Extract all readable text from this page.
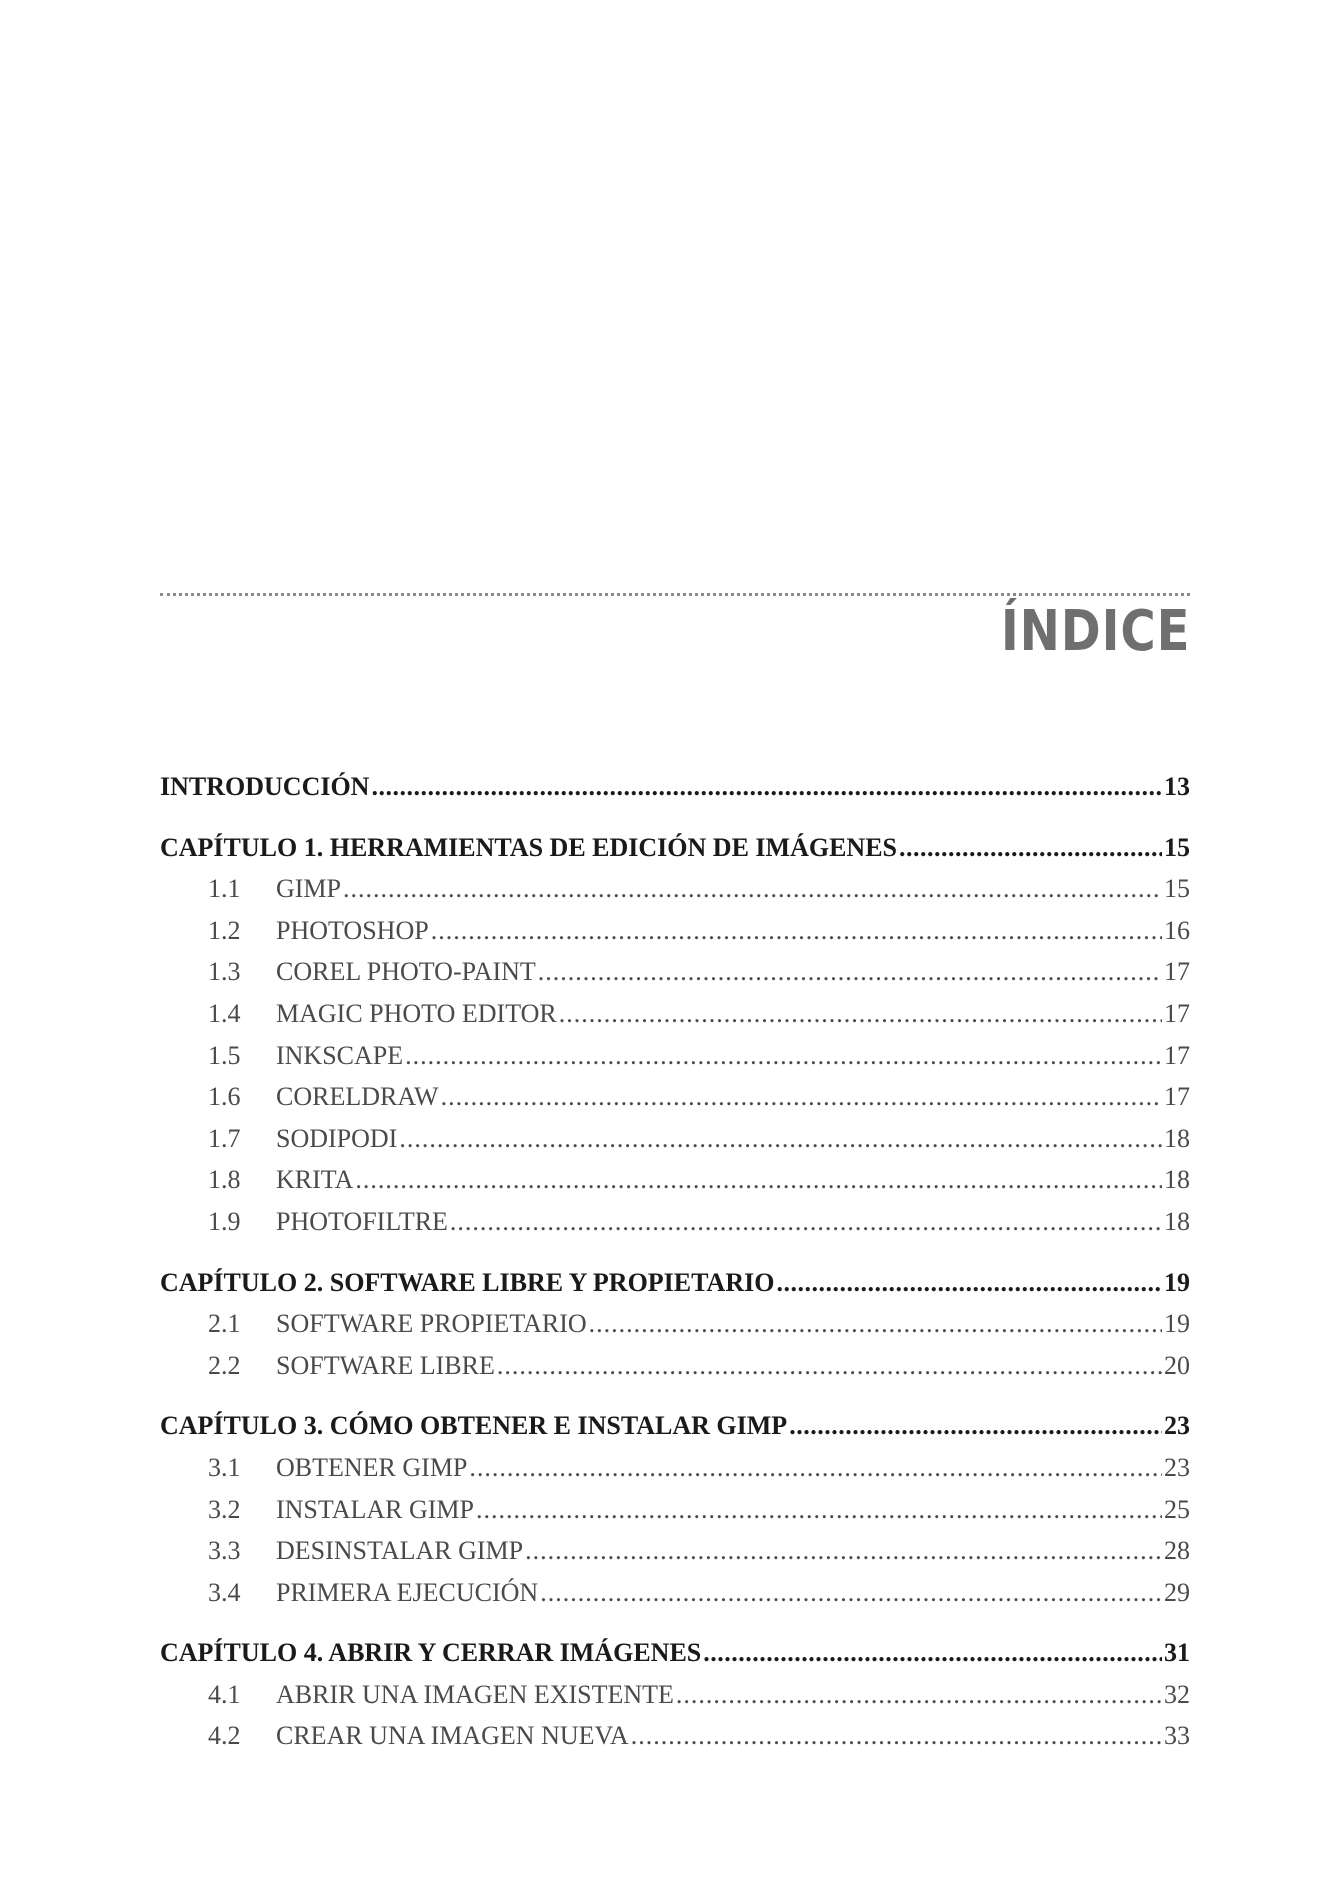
ÍNDICE
INTRODUCCIÓN .....	13
CAPÍTULO 1. HERRAMIENTAS DE EDICIÓN DE IMÁGENES .....	15
1.1	GIMP .....	15
1.2	PHOTOSHOP .....	16
1.3	COREL PHOTO-PAINT .....	17
1.4	MAGIC PHOTO EDITOR .....	17
1.5	INKSCAPE .....	17
1.6	CORELDRAW .....	17
1.7	SODIPODI .....	18
1.8	KRITA .....	18
1.9	PHOTOFILTRE .....	18
CAPÍTULO 2. SOFTWARE LIBRE Y PROPIETARIO .....	19
2.1	SOFTWARE PROPIETARIO .....	19
2.2	SOFTWARE LIBRE .....	20
CAPÍTULO 3. CÓMO OBTENER E INSTALAR GIMP .....	23
3.1	OBTENER GIMP .....	23
3.2	INSTALAR GIMP .....	25
3.3	DESINSTALAR GIMP .....	28
3.4	PRIMERA EJECUCIÓN .....	29
CAPÍTULO 4. ABRIR Y CERRAR IMÁGENES .....	31
4.1	ABRIR UNA IMAGEN EXISTENTE .....	32
4.2	CREAR UNA IMAGEN NUEVA .....	33
